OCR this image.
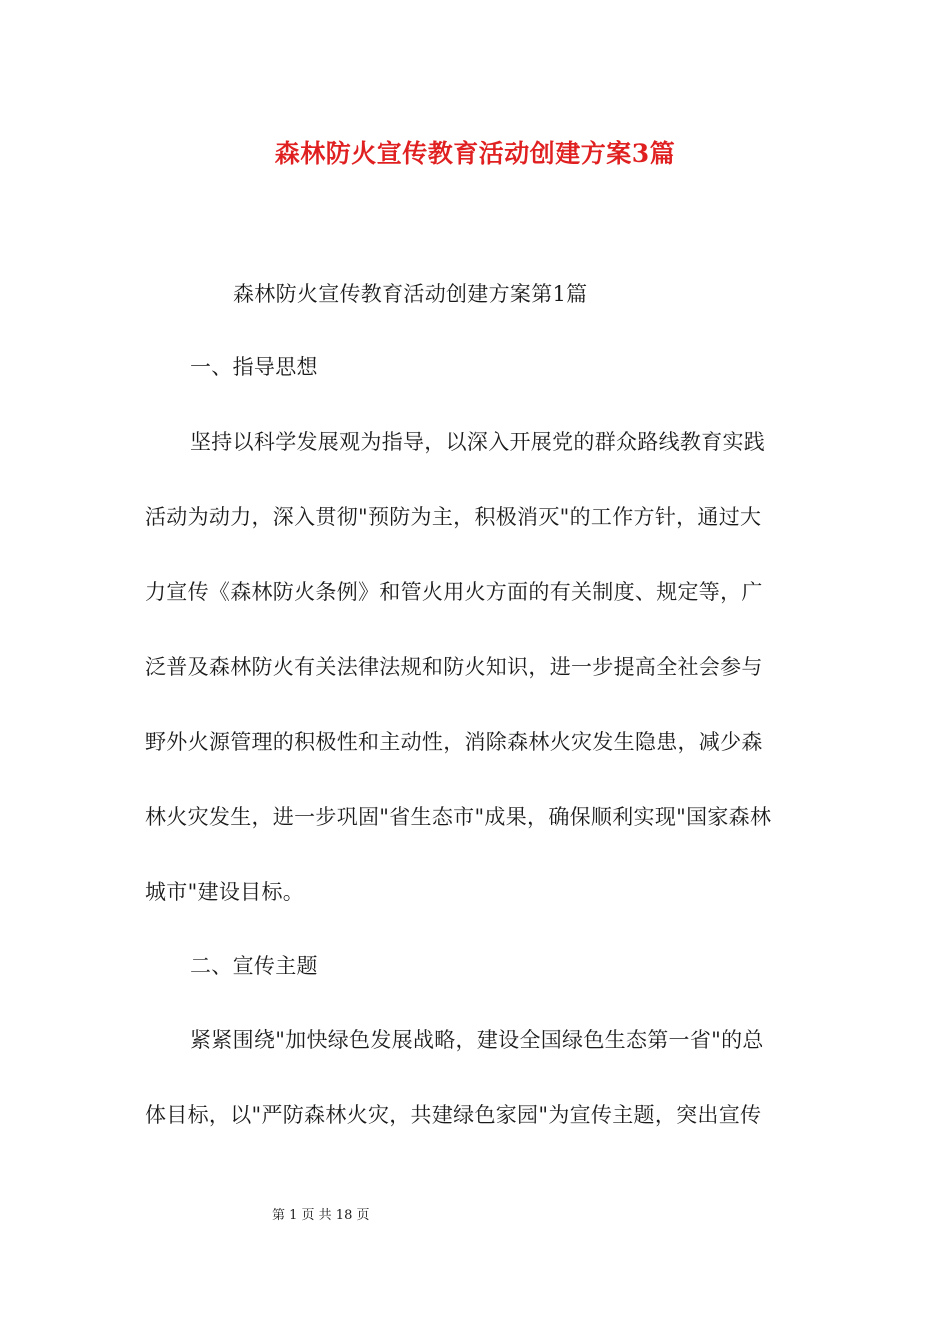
森林防火宣传教育活动创建方案3篇
森林防火宣传教育活动创建方案第1篇
一、指导思想
坚持以科学发展观为指导，以深入开展党的群众路线教育实践
活动为动力，深入贯彻"预防为主，积极消灭"的工作方针，通过大
力宣传《森林防火条例》和管火用火方面的有关制度、规定等，广
泛普及森林防火有关法律法规和防火知识，进一步提高全社会参与
野外火源管理的积极性和主动性，消除森林火灾发生隐患，减少森
林火灾发生，进一步巩固"省生态市"成果，确保顺利实现"国家森林
城市"建设目标。
二、宣传主题
紧紧围绕"加快绿色发展战略，建设全国绿色生态第一省"的总
体目标，以"严防森林火灾，共建绿色家园"为宣传主题，突出宣传
第 1 页 共 18 页
